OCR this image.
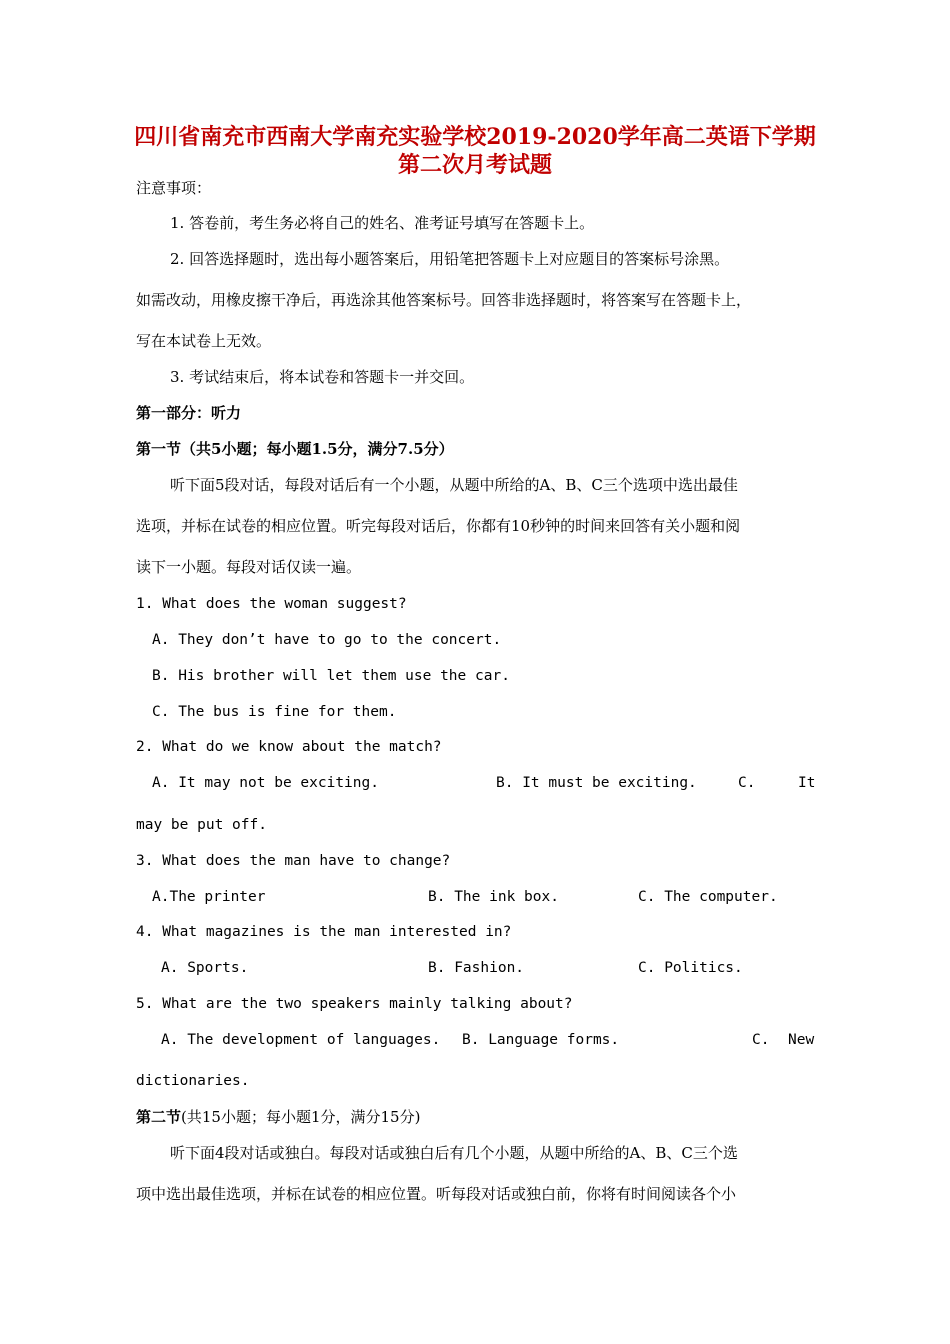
四川省南充市西南大学南充实验学校2019-2020学年高二英语下学期
第二次月考试题
注意事项：
1. 答卷前，考生务必将自己的姓名、准考证号填写在答题卡上。
2. 回答选择题时，选出每小题答案后，用铅笔把答题卡上对应题目的答案标号涂黑。
如需改动，用橡皮擦干净后，再选涂其他答案标号。回答非选择题时，将答案写在答题卡上，
写在本试卷上无效。
3. 考试结束后，将本试卷和答题卡一并交回。
第一部分：听力
第一节（共5小题；每小题1.5分，满分7.5分）
听下面5段对话，每段对话后有一个小题，从题中所给的A、B、C三个选项中选出最佳
选项，并标在试卷的相应位置。听完每段对话后，你都有10秒钟的时间来回答有关小题和阅
读下一小题。每段对话仅读一遍。
1. What does the woman suggest?
A. They don’t have to go to the concert.
B. His brother will let them use the car.
C. The bus is fine for them.
2. What do we know about the match?
A. It may not be exciting.	B. It must be exciting.	C.	It
may be put off.
3. What does the man have to change?
A.The printer	B. The ink box.	C. The computer.
4. What magazines is the man interested in?
A. Sports.	B. Fashion.	C. Politics.
5. What are the two speakers mainly talking about?
A. The development of languages. B. Language forms.	C. New
dictionaries.
第二节(共15小题；每小题1分，满分15分)
听下面4段对话或独白。每段对话或独白后有几个小题，从题中所给的A、B、C三个选
项中选出最佳选项，并标在试卷的相应位置。听每段对话或独白前，你将有时间阅读各个小
